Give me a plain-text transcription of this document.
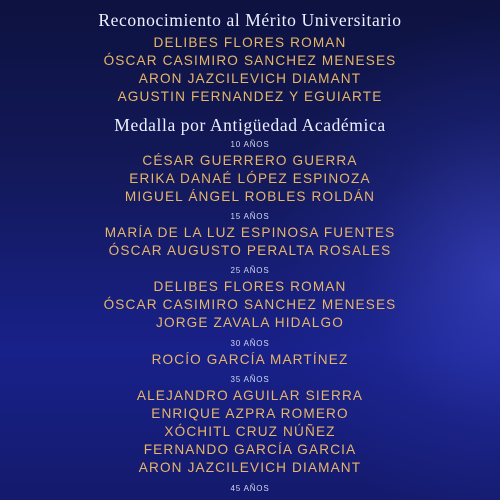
Reconocimiento al Mérito Universitario
DELIBES FLORES ROMAN
ÓSCAR CASIMIRO SANCHEZ MENESES
ARON JAZCILEVICH DIAMANT
AGUSTIN FERNANDEZ Y EGUIARTE
Medalla por Antigüedad Académica
10 AÑOS
CÉSAR GUERRERO GUERRA
ERIKA DANAÉ LÓPEZ ESPINOZA
MIGUEL ÁNGEL ROBLES ROLDÁN
15 AÑOS
MARÍA DE LA LUZ ESPINOSA FUENTES
ÓSCAR AUGUSTO PERALTA ROSALES
25 AÑOS
DELIBES FLORES ROMAN
ÓSCAR CASIMIRO SANCHEZ MENESES
JORGE ZAVALA HIDALGO
30 AÑOS
ROCÍO GARCÍA MARTÍNEZ
35 AÑOS
ALEJANDRO AGUILAR SIERRA
ENRIQUE AZPRA ROMERO
XÓCHITL CRUZ NÚÑEZ
FERNANDO GARCÍA GARCIA
ARON JAZCILEVICH DIAMANT
45 AÑOS
